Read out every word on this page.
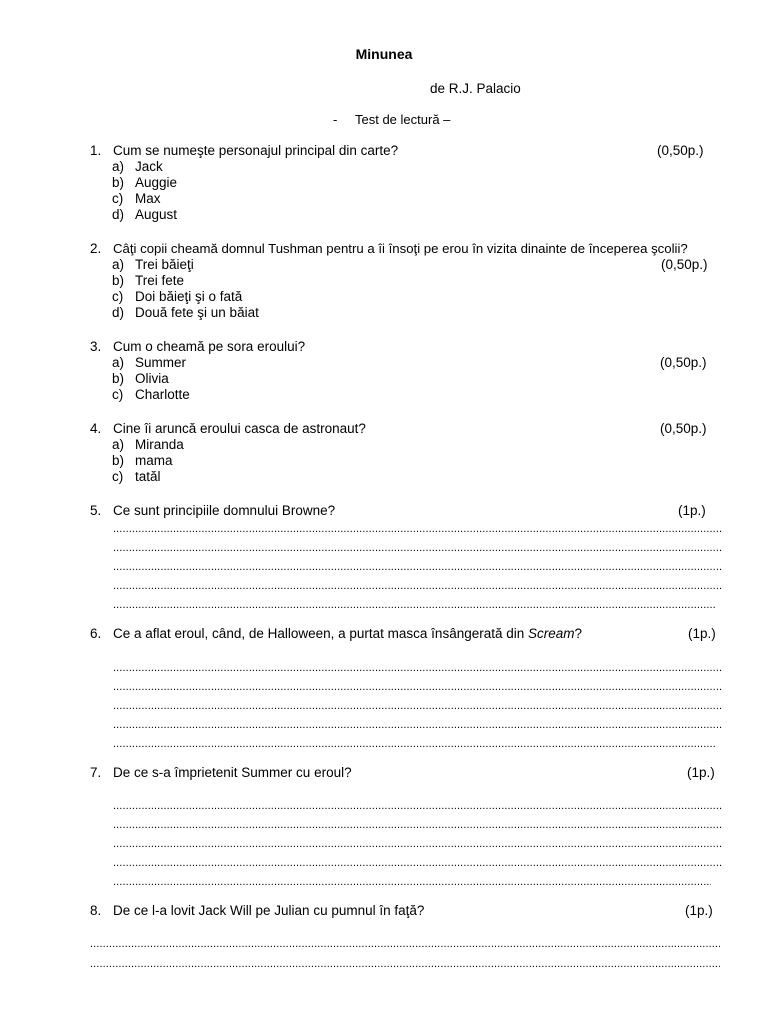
Minunea
de R.J. Palacio
- Test de lectură –
1. Cum se numeşte personajul principal din carte?	(0,50p.)
a) Jack
b) Auggie
c) Max
d) August
2. Câţi copii cheamă domnul Tushman pentru a îi însoţi pe erou în vizita dinainte de începerea şcolii?
a) Trei băieţi	(0,50p.)
b) Trei fete
c) Doi băieţi şi o fată
d) Două fete şi un băiat
3. Cum o cheamă pe sora eroului?
a) Summer	(0,50p.)
b) Olivia
c) Charlotte
4. Cine îi aruncă eroului casca de astronaut?	(0,50p.)
a) Miranda
b) mama
c) tatăl
5. Ce sunt principiile domnului Browne?	(1p.)
.....
.....
.....
.....
.....
6. Ce a aflat eroul, când, de Halloween, a purtat masca însângerată din Scream?	(1p.)
.....
.....
.....
.....
.....
7. De ce s-a împrietenit Summer cu eroul?	(1p.)
.....
.....
.....
.....
.....
8. De ce l-a lovit Jack Will pe Julian cu pumnul în faţă?	(1p.)
.....
.....
